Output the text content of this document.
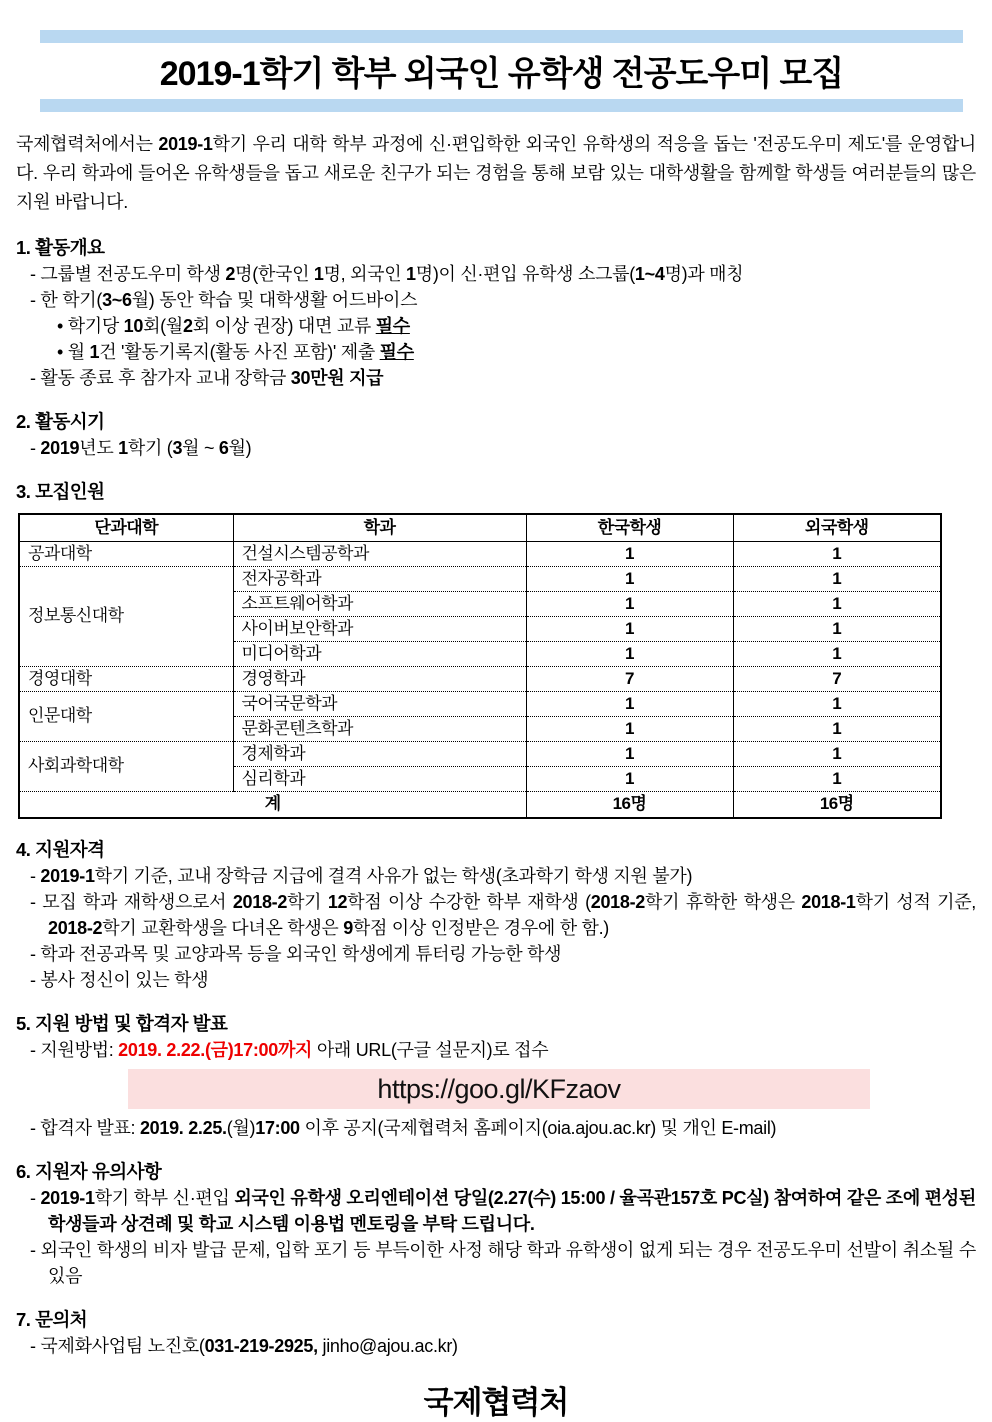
2019-1학기 학부 외국인 유학생 전공도우미 모집

국제협력처에서는 2019-1학기 우리 대학 학부 과정에 신·편입학한 외국인 유학생의 적응을 돕는 '전공도우미 제도'를 운영합니다. 우리 학과에 들어온 유학생들을 돕고 새로운 친구가 되는 경험을 통해 보람 있는 대학생활을 함께할 학생들 여러분들의 많은 지원 바랍니다.

1. 활동개요

- 그룹별 전공도우미 학생 2명(한국인 1명, 외국인 1명)이 신·편입 유학생 소그룹(1~4명)과 매칭

- 한 학기(3~6월) 동안 학습 및 대학생활 어드바이스

• 학기당 10회(월2회 이상 권장) 대면 교류 필수

• 월 1건 '활동기록지(활동 사진 포함)' 제출 필수

- 활동 종료 후 참가자 교내 장학금 30만원 지급

2. 활동시기

- 2019년도 1학기 (3월 ~ 6월)

3. 모집인원
단과대학	학과	한국학생	외국학생
공과대학	건설시스템공학과	1	1
정보통신대학	전자공학과	1	1
	소프트웨어학과	1	1
	사이버보안학과	1	1
	미디어학과	1	1
경영대학	경영학과	7	7
인문대학	국어국문학과	1	1
	문화콘텐츠학과	1	1
사회과학대학	경제학과	1	1
	심리학과	1	1
계		16명	16명
4. 지원자격

- 2019-1학기 기준, 교내 장학금 지급에 결격 사유가 없는 학생(초과학기 학생 지원 불가)

- 모집 학과 재학생으로서 2018-2학기 12학점 이상 수강한 학부 재학생 (2018-2학기 휴학한 학생은 2018-1학기 성적 기준, 2018-2학기 교환학생을 다녀온 학생은 9학점 이상 인정받은 경우에 한 함.)

- 학과 전공과목 및 교양과목 등을 외국인 학생에게 튜터링 가능한 학생

- 봉사 정신이 있는 학생

5. 지원 방법 및 합격자 발표

- 지원방법: 2019. 2.22.(금)17:00까지 아래 URL(구글 설문지)로 접수

https://goo.gl/KFzaov

- 합격자 발표: 2019. 2.25.(월)17:00 이후 공지(국제협력처 홈페이지(oia.ajou.ac.kr) 및 개인 E-mail)

6. 지원자 유의사항

- 2019-1학기 학부 신·편입 외국인 유학생 오리엔테이션 당일(2.27(수) 15:00 / 율곡관157호 PC실) 참여하여 같은 조에 편성된 학생들과 상견례 및 학교 시스템 이용법 멘토링을 부탁 드립니다.

- 외국인 학생의 비자 발급 문제, 입학 포기 등 부득이한 사정 해당 학과 유학생이 없게 되는 경우 전공도우미 선발이 취소될 수 있음

7. 문의처

- 국제화사업팀 노진호(031-219-2925, jinho@ajou.ac.kr)

국제협력처
